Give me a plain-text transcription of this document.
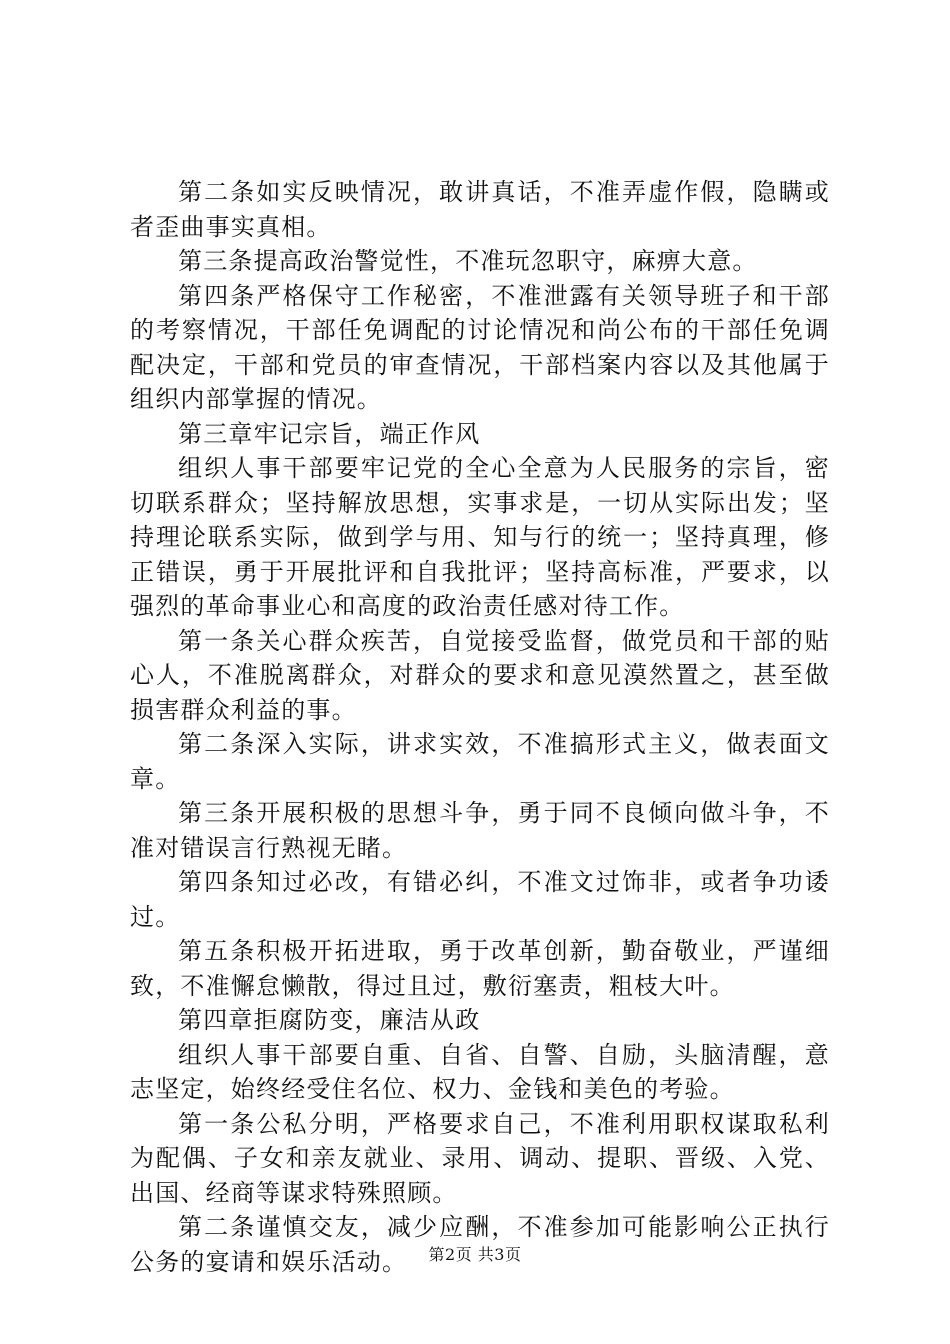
第二条如实反映情况，敢讲真话，不准弄虚作假，隐瞒或者歪曲事实真相。

第三条提高政治警觉性，不准玩忽职守，麻痹大意。

第四条严格保守工作秘密，不准泄露有关领导班子和干部的考察情况，干部任免调配的讨论情况和尚公布的干部任免调配决定，干部和党员的审查情况，干部档案内容以及其他属于组织内部掌握的情况。

第三章牢记宗旨，端正作风

组织人事干部要牢记党的全心全意为人民服务的宗旨，密切联系群众；坚持解放思想，实事求是，一切从实际出发；坚持理论联系实际，做到学与用、知与行的统一；坚持真理，修正错误，勇于开展批评和自我批评；坚持高标准，严要求，以强烈的革命事业心和高度的政治责任感对待工作。

第一条关心群众疾苦，自觉接受监督，做党员和干部的贴心人，不准脱离群众，对群众的要求和意见漠然置之，甚至做损害群众利益的事。

第二条深入实际，讲求实效，不准搞形式主义，做表面文章。

第三条开展积极的思想斗争，勇于同不良倾向做斗争，不准对错误言行熟视无睹。

第四条知过必改，有错必纠，不准文过饰非，或者争功诿过。

第五条积极开拓进取，勇于改革创新，勤奋敬业，严谨细致，不准懈怠懒散，得过且过，敷衍塞责，粗枝大叶。

第四章拒腐防变，廉洁从政

组织人事干部要自重、自省、自警、自励，头脑清醒，意志坚定，始终经受住名位、权力、金钱和美色的考验。

第一条公私分明，严格要求自己，不准利用职权谋取私利为配偶、子女和亲友就业、录用、调动、提职、晋级、入党、出国、经商等谋求特殊照顾。

第二条谨慎交友，减少应酬，不准参加可能影响公正执行公务的宴请和娱乐活动。	第2页 共3页
